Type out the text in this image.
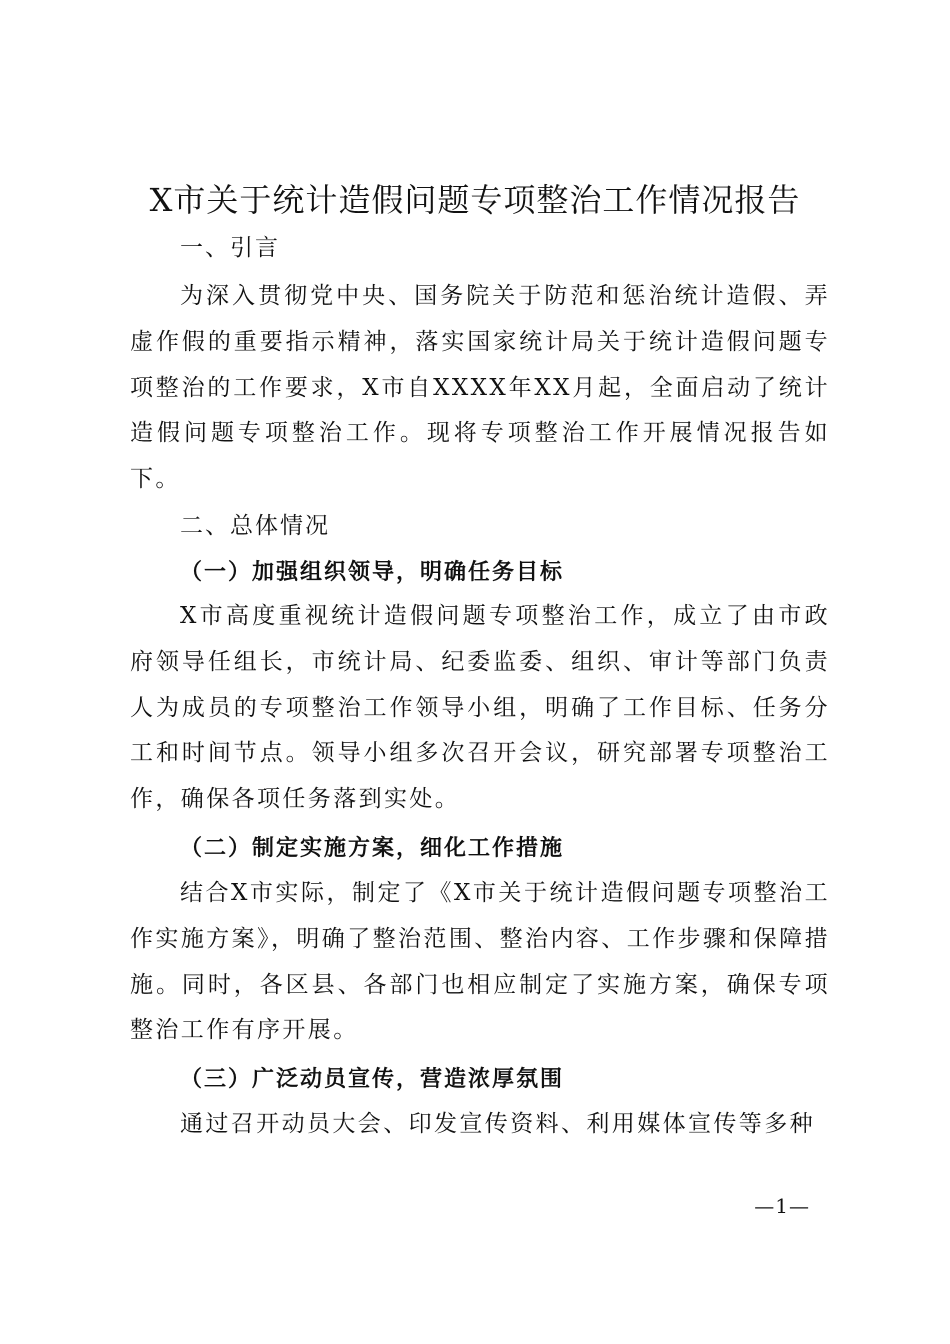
X市关于统计造假问题专项整治工作情况报告
一、引言

为深入贯彻党中央、国务院关于防范和惩治统计造假、弄虚作假的重要指示精神，落实国家统计局关于统计造假问题专项整治的工作要求，X市自XXXX年XX月起，全面启动了统计造假问题专项整治工作。现将专项整治工作开展情况报告如下。

二、总体情况
（一）加强组织领导，明确任务目标

X市高度重视统计造假问题专项整治工作，成立了由市政府领导任组长，市统计局、纪委监委、组织、审计等部门负责人为成员的专项整治工作领导小组，明确了工作目标、任务分工和时间节点。领导小组多次召开会议，研究部署专项整治工作，确保各项任务落到实处。

（二）制定实施方案，细化工作措施

结合X市实际，制定了《X市关于统计造假问题专项整治工作实施方案》，明确了整治范围、整治内容、工作步骤和保障措施。同时，各区县、各部门也相应制定了实施方案，确保专项整治工作有序开展。

（三）广泛动员宣传，营造浓厚氛围

通过召开动员大会、印发宣传资料、利用媒体宣传等多种

—1—
